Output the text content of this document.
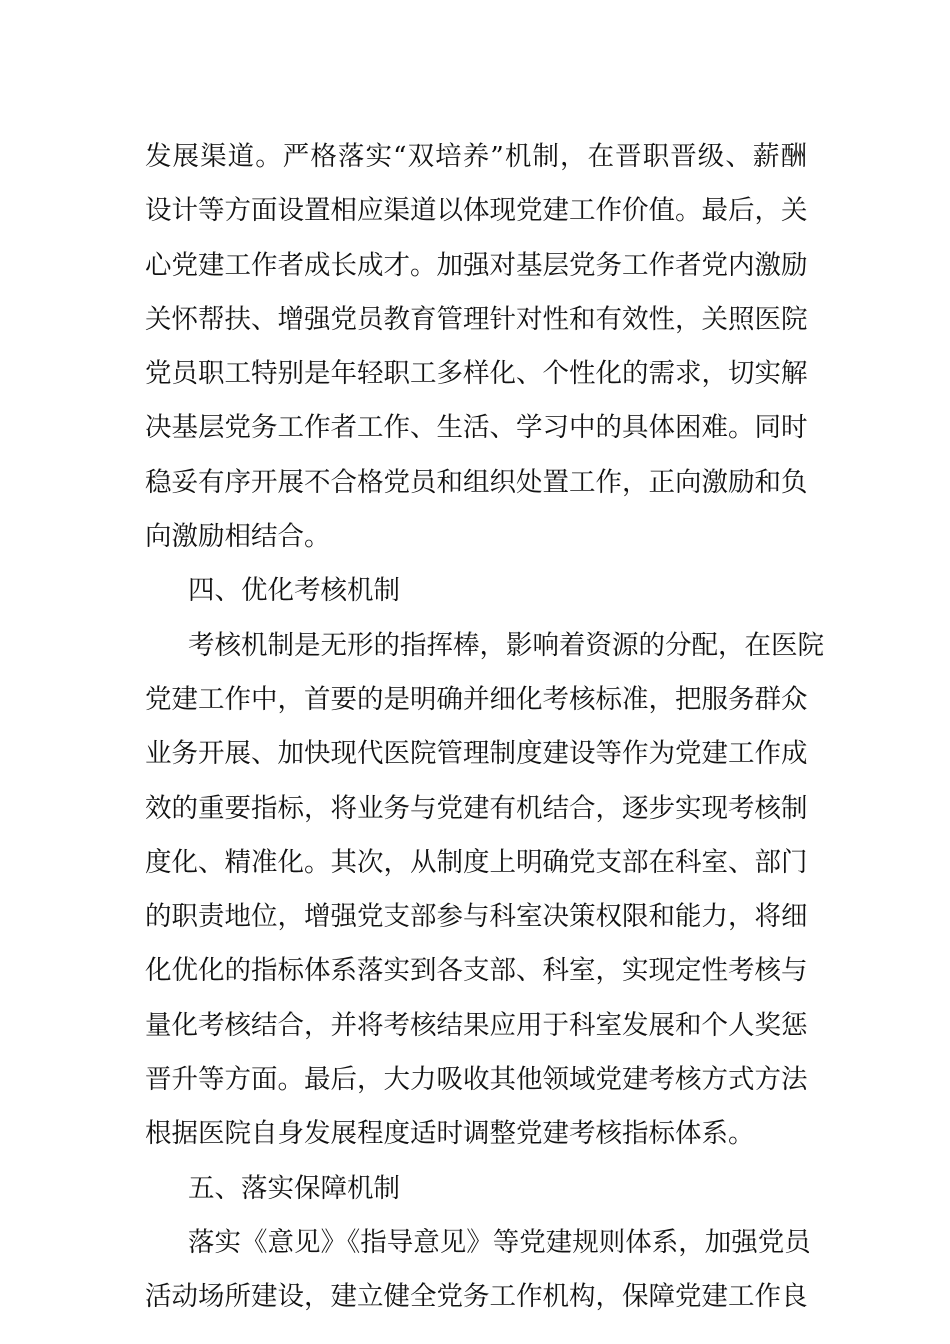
发展渠道。严格落实“双培养”机制，在晋职晋级、薪酬
设计等方面设置相应渠道以体现党建工作价值。最后，关
心党建工作者成长成才。加强对基层党务工作者党内激励
关怀帮扶、增强党员教育管理针对性和有效性，关照医院
党员职工特别是年轻职工多样化、个性化的需求，切实解
决基层党务工作者工作、生活、学习中的具体困难。同时
稳妥有序开展不合格党员和组织处置工作，正向激励和负
向激励相结合。
四、优化考核机制
考核机制是无形的指挥棒，影响着资源的分配，在医院
党建工作中，首要的是明确并细化考核标准，把服务群众
业务开展、加快现代医院管理制度建设等作为党建工作成
效的重要指标，将业务与党建有机结合，逐步实现考核制
度化、精准化。其次，从制度上明确党支部在科室、部门
的职责地位，增强党支部参与科室决策权限和能力，将细
化优化的指标体系落实到各支部、科室，实现定性考核与
量化考核结合，并将考核结果应用于科室发展和个人奖惩
晋升等方面。最后，大力吸收其他领域党建考核方式方法
根据医院自身发展程度适时调整党建考核指标体系。
五、落实保障机制
落实《意见》《指导意见》等党建规则体系，加强党员
活动场所建设，建立健全党务工作机构，保障党建工作良
